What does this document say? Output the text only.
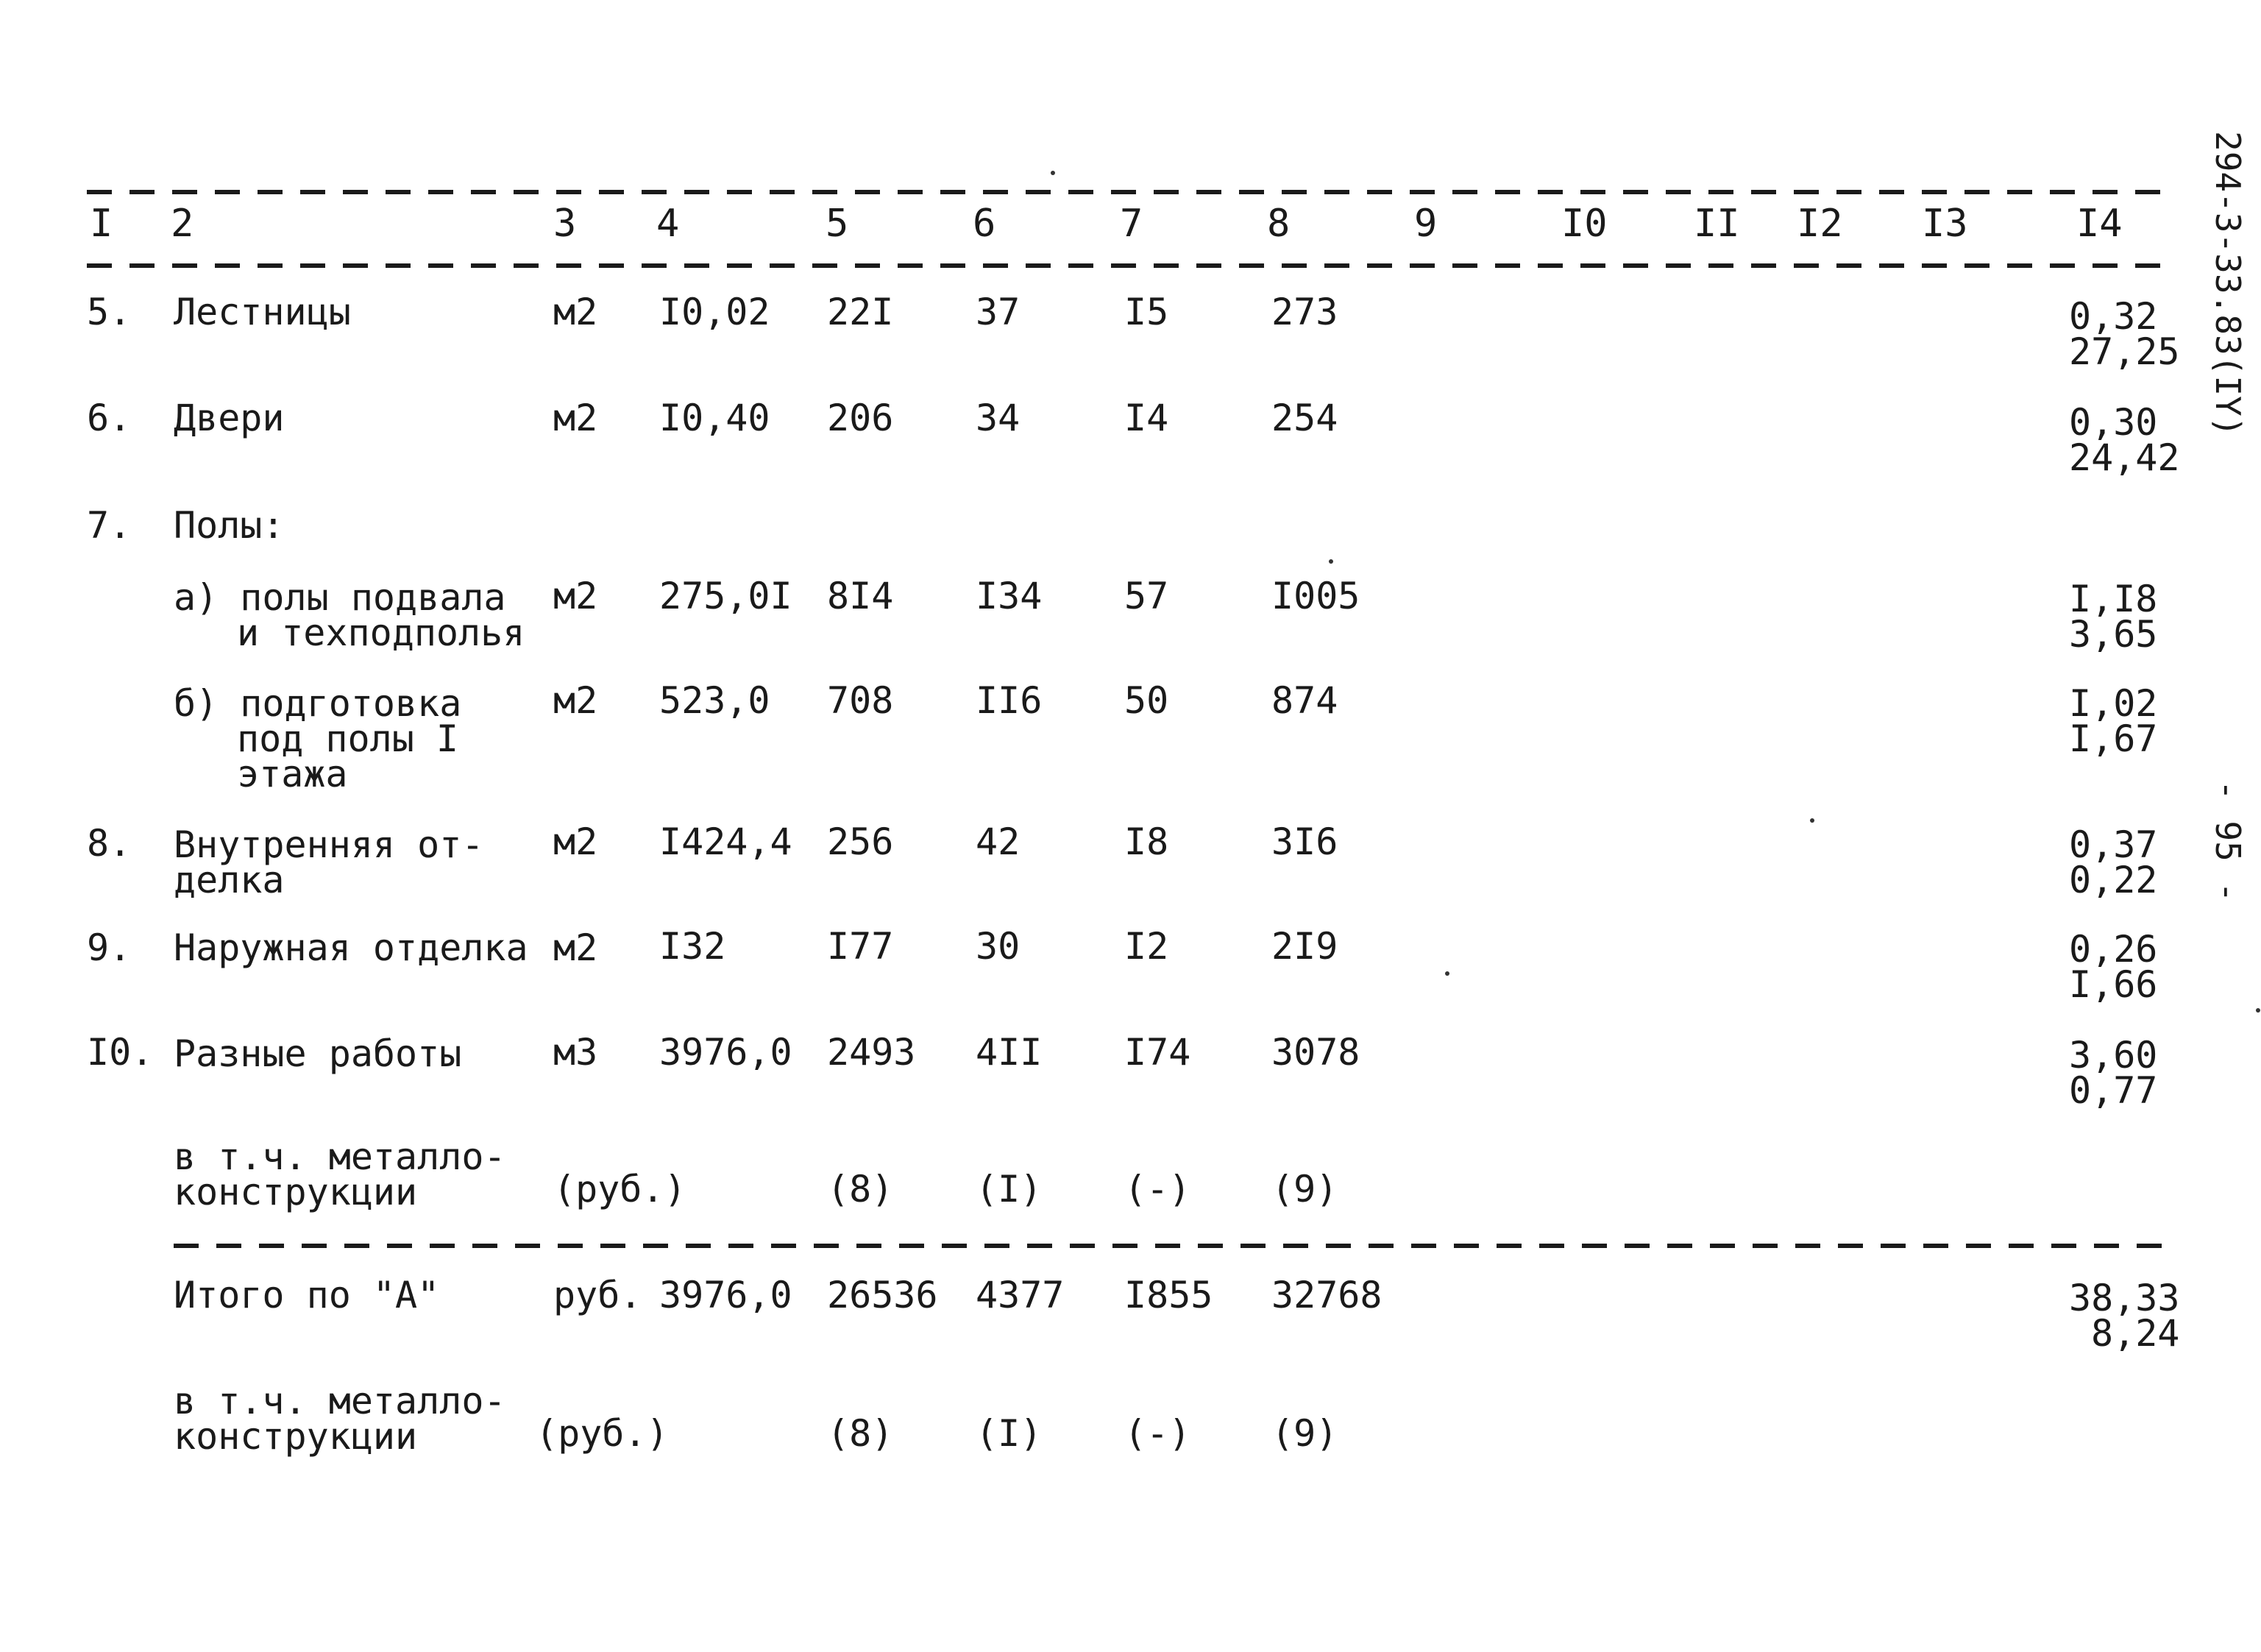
294-3-33.83(IY)
- 95 -
I 2	3 4	5	6	7	8	9	I0 II I2 I3	I4
5. Лестницы	м2 I0,02 22I 37	I5	273	0,32
27,25
6. Двери	м2 I0,40 206 34	I4	254	0,30
24,42
7. Полы:
а) полы подвала
и техподполья
м2 275,0I 8I4 I34 57	I005	I,I8
3,65
б) подготовка
под полы I
этажа
м2 523,0 708 II6 50	874	I,02
I,67
8. Внутренняя от-
делка
м2 I424,4 256 42	I8	3I6	0,37
0,22
9. Наружная отделка м2 I32	I77 30	I2	2I9	0,26
I,66
I0. Разные работы м3 3976,0 2493 4II I74 3078	3,60
0,77
в т.ч. металло-
конструкции	(руб.)	(8) (I) (-) (9)
Итого по "А"	руб. 3976,0 26536 4377 I855 32768	38,33
8,24
в т.ч. металло-
конструкции	(руб.)	(8) (I) (-) (9)
